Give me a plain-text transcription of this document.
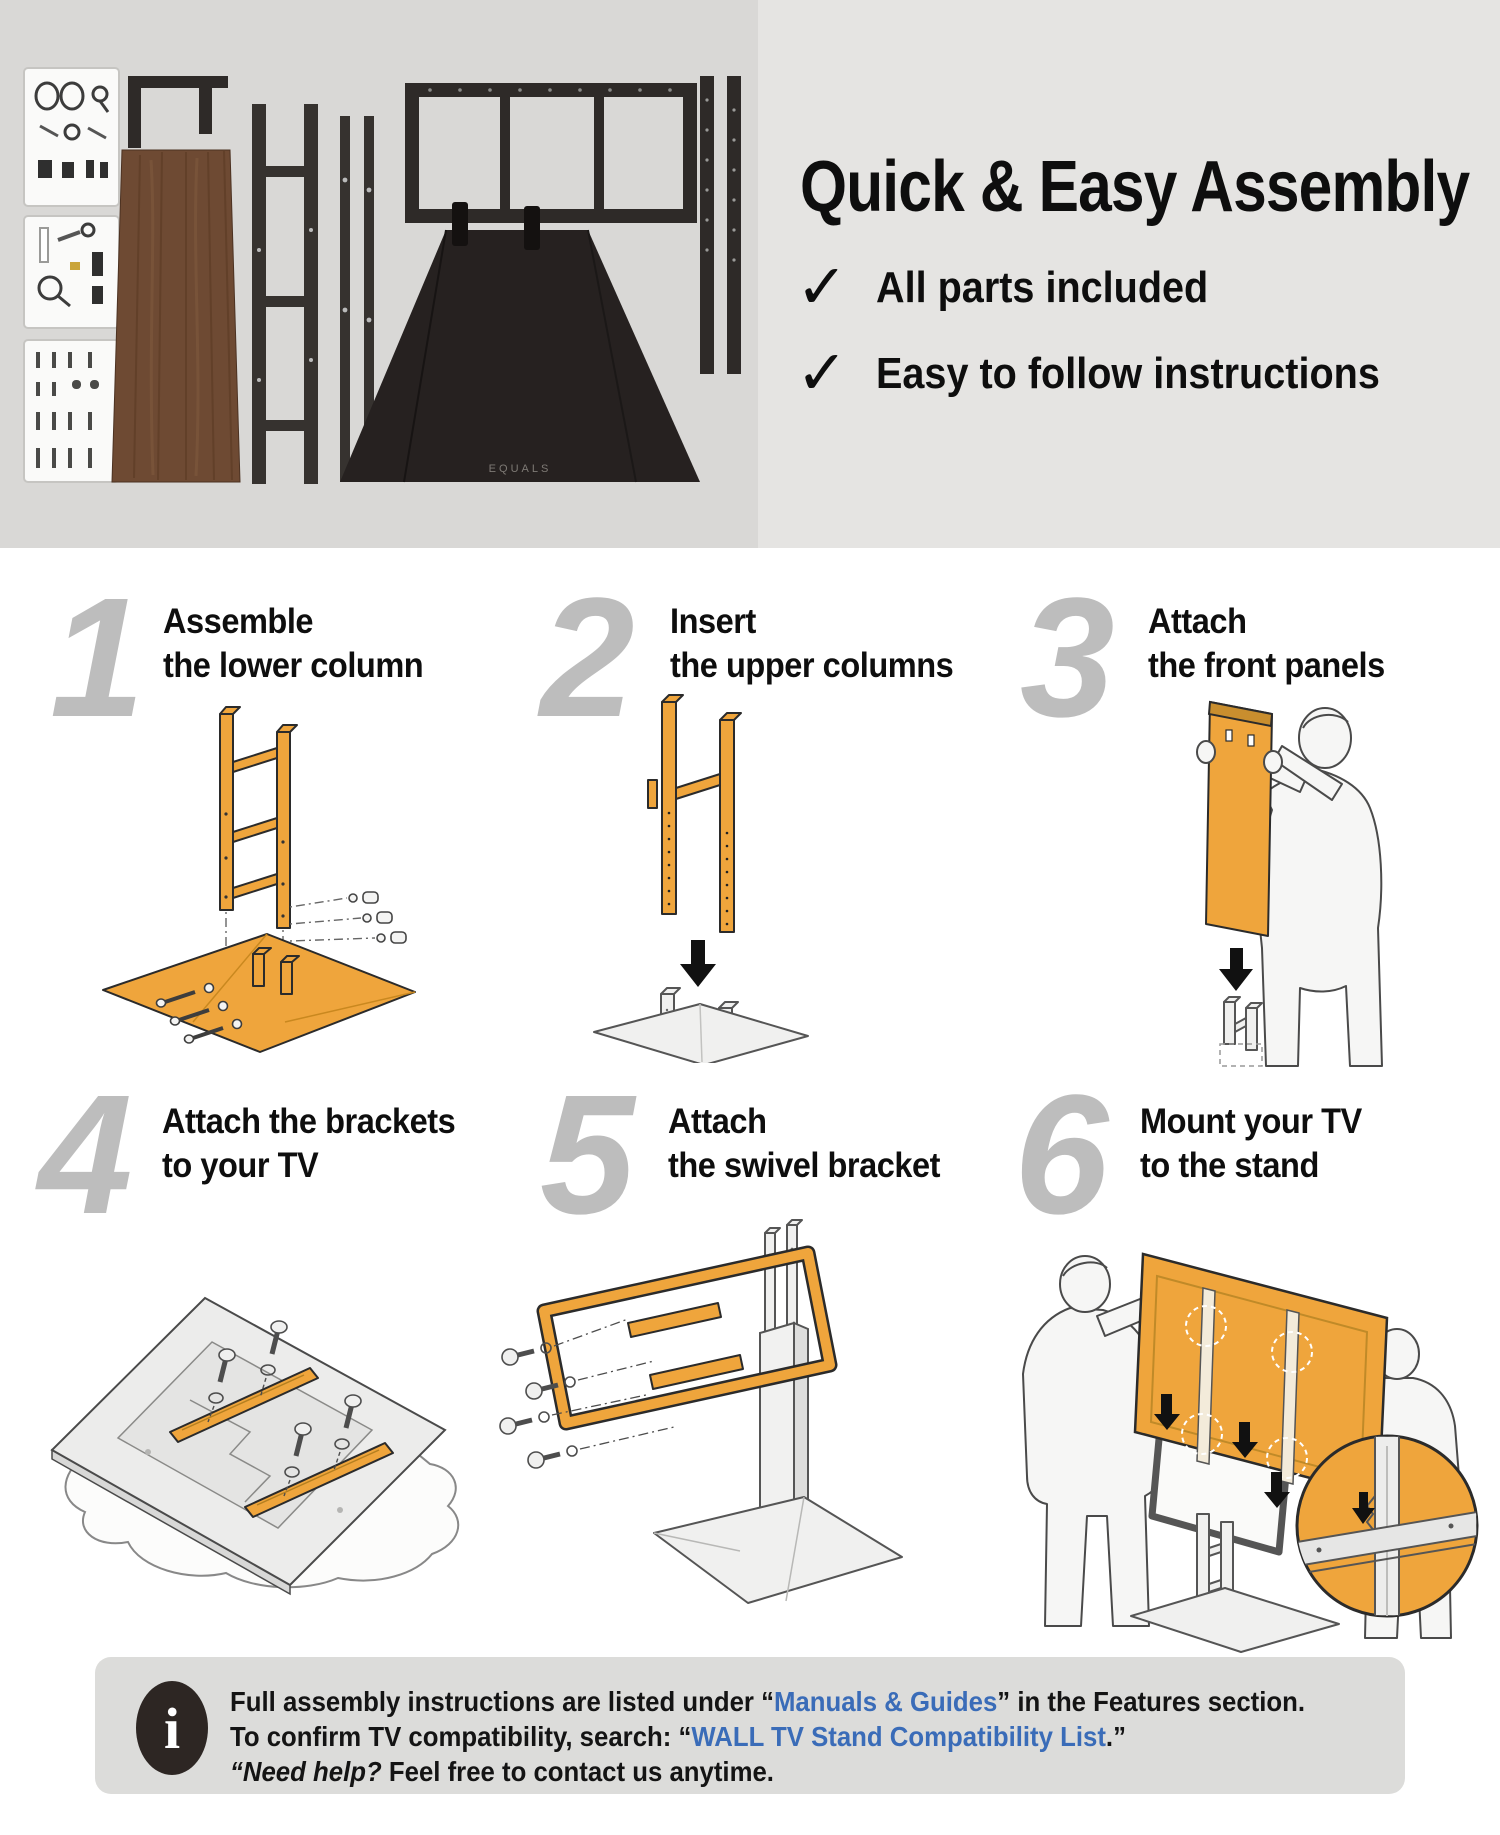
EQUALS
Quick & Easy Assembly
✓ All parts included
✓ Easy to follow instructions
1 Assemble
the lower column 2 Insert
the upper columns 3 Attach
the front panels
4 Attach the brackets
to your TV	5 Attach
the swivel bracket 6 Mount your TV
to the stand
i Full assembly instructions are listed under “Manuals & Guides” in the Features section.
To confirm TV compatibility, search: “WALL TV Stand Compatibility List.”
“Need help? Feel free to contact us anytime.
